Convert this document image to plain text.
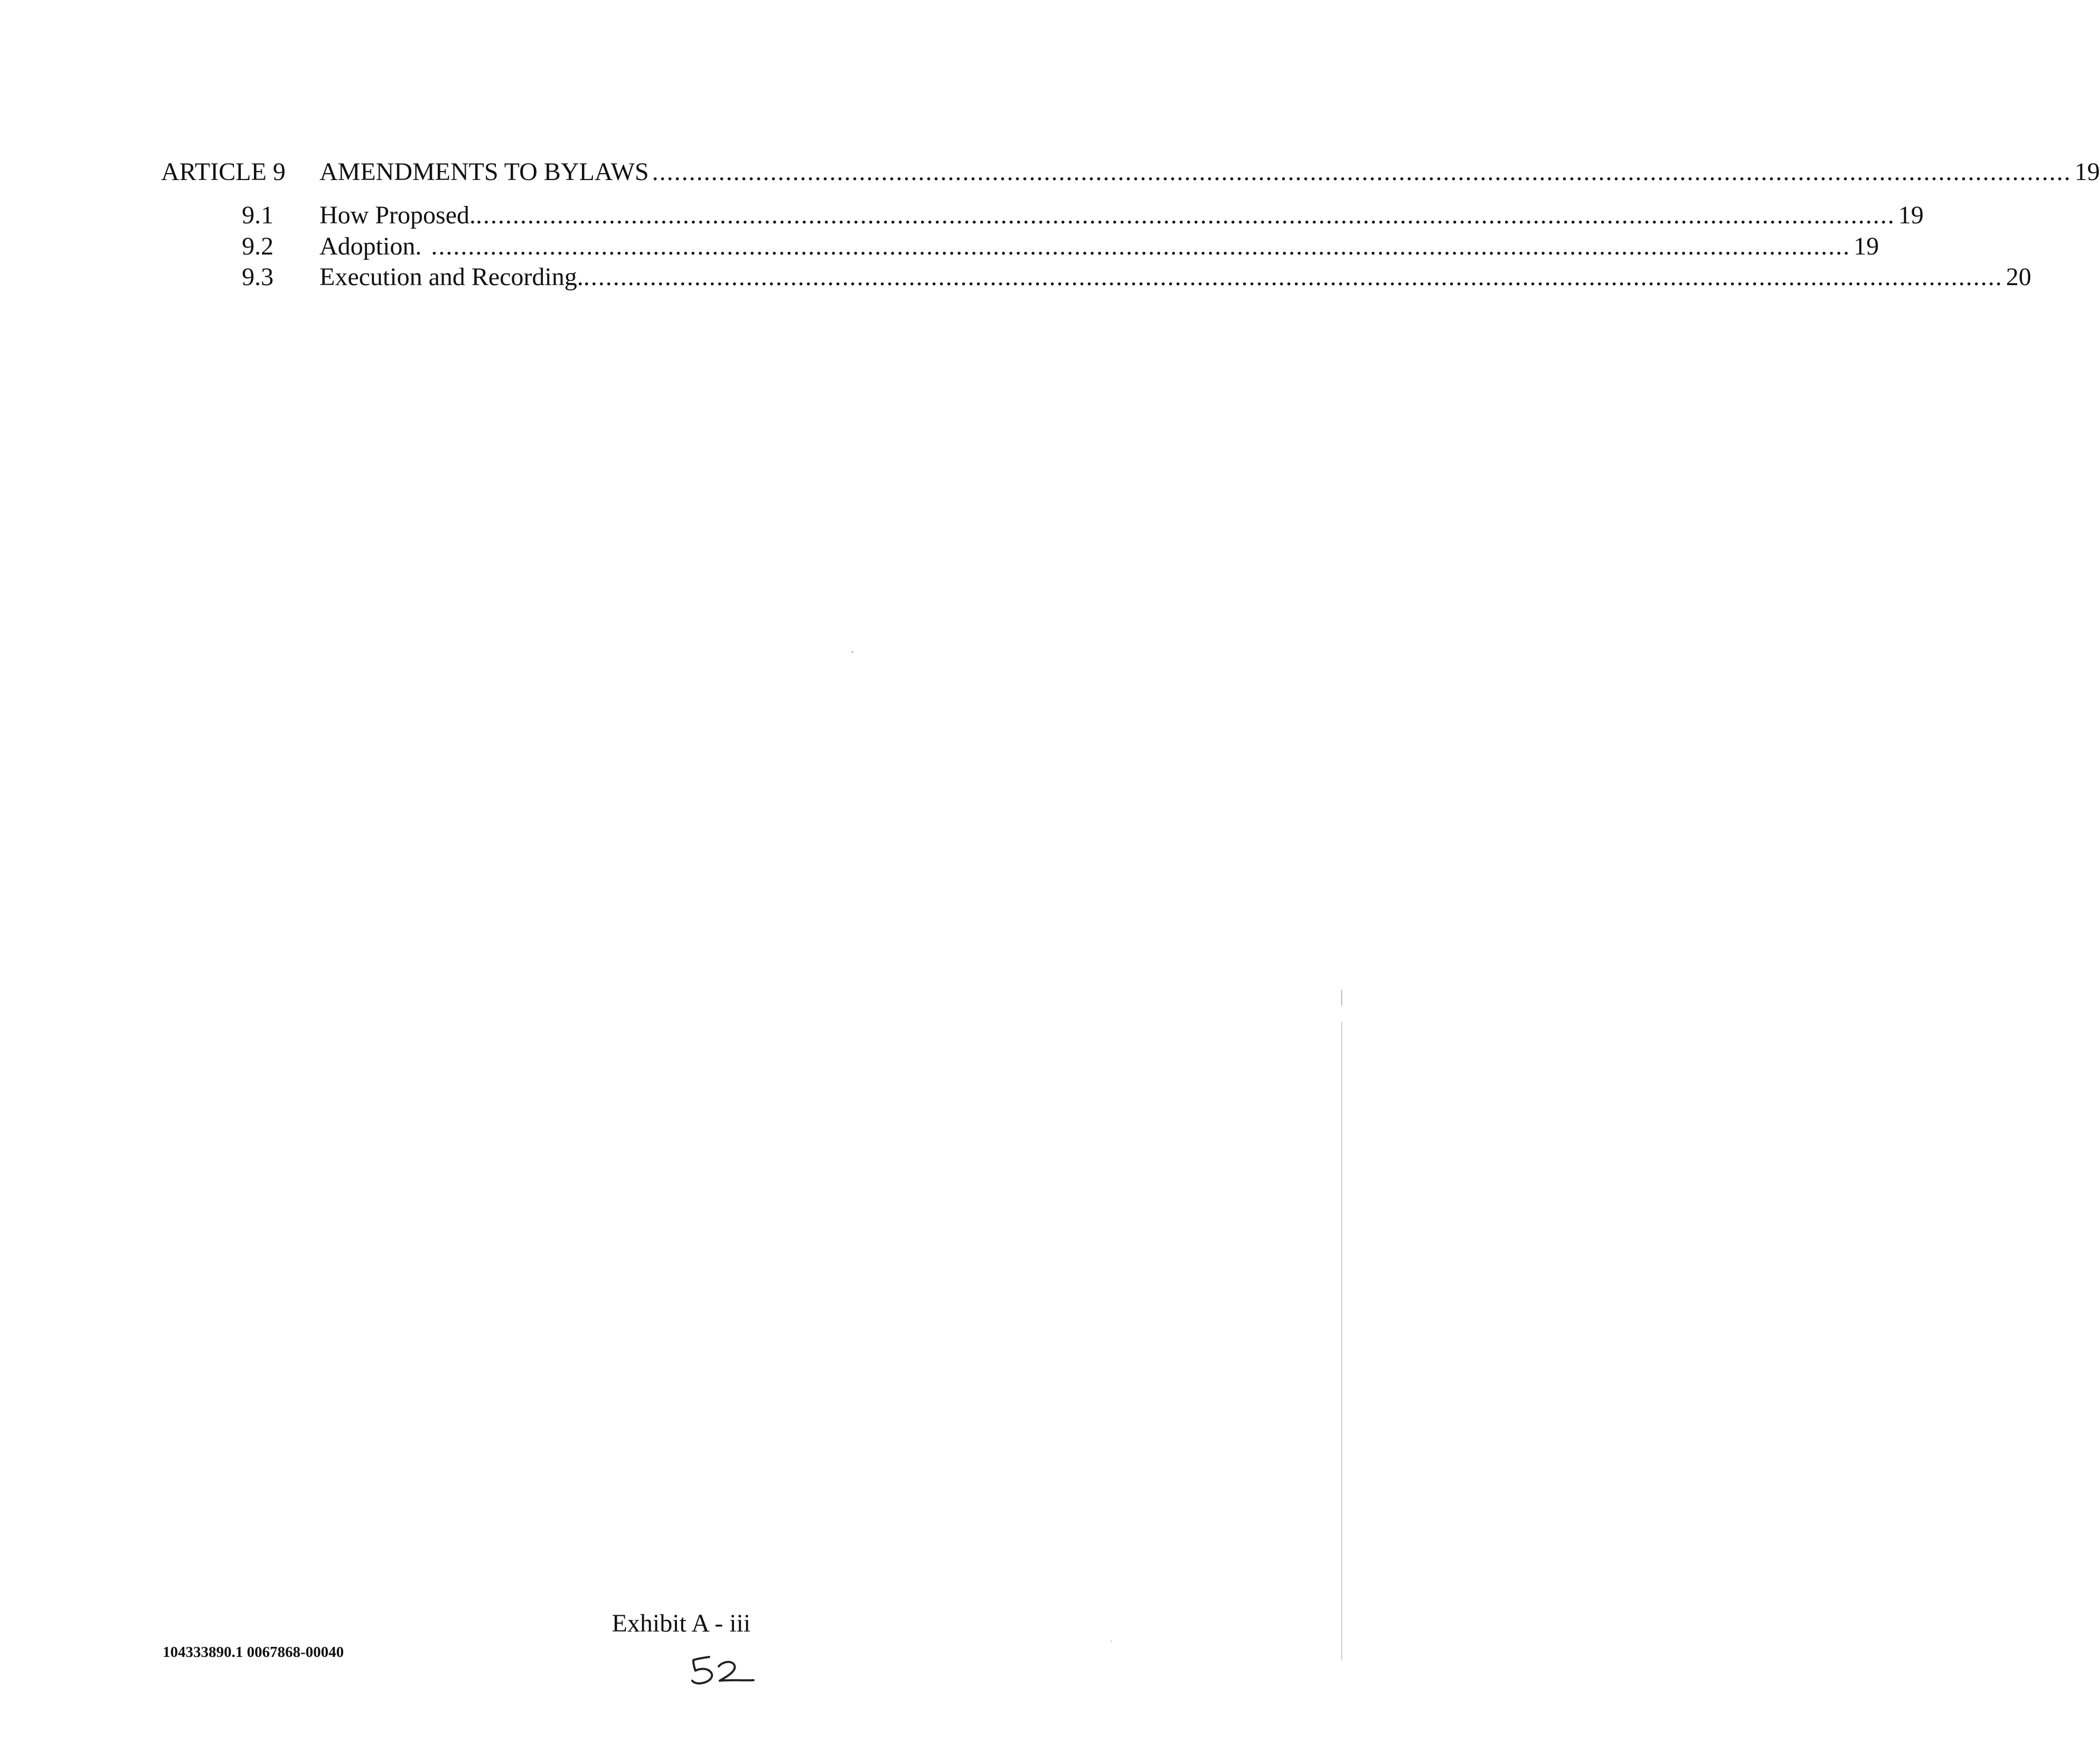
ARTICLE 9 AMENDMENTS TO BYLAWS ................................................................................................................................................................................................ 19
9.1 How Proposed. ................................................................................................................................................................................................ 19
9.2 Adoption. ................................................................................................................................................................................................ 19
9.3 Execution and Recording. ................................................................................................................................................................................................ 20
Exhibit A - iii
104333890.1 0067868-00040
